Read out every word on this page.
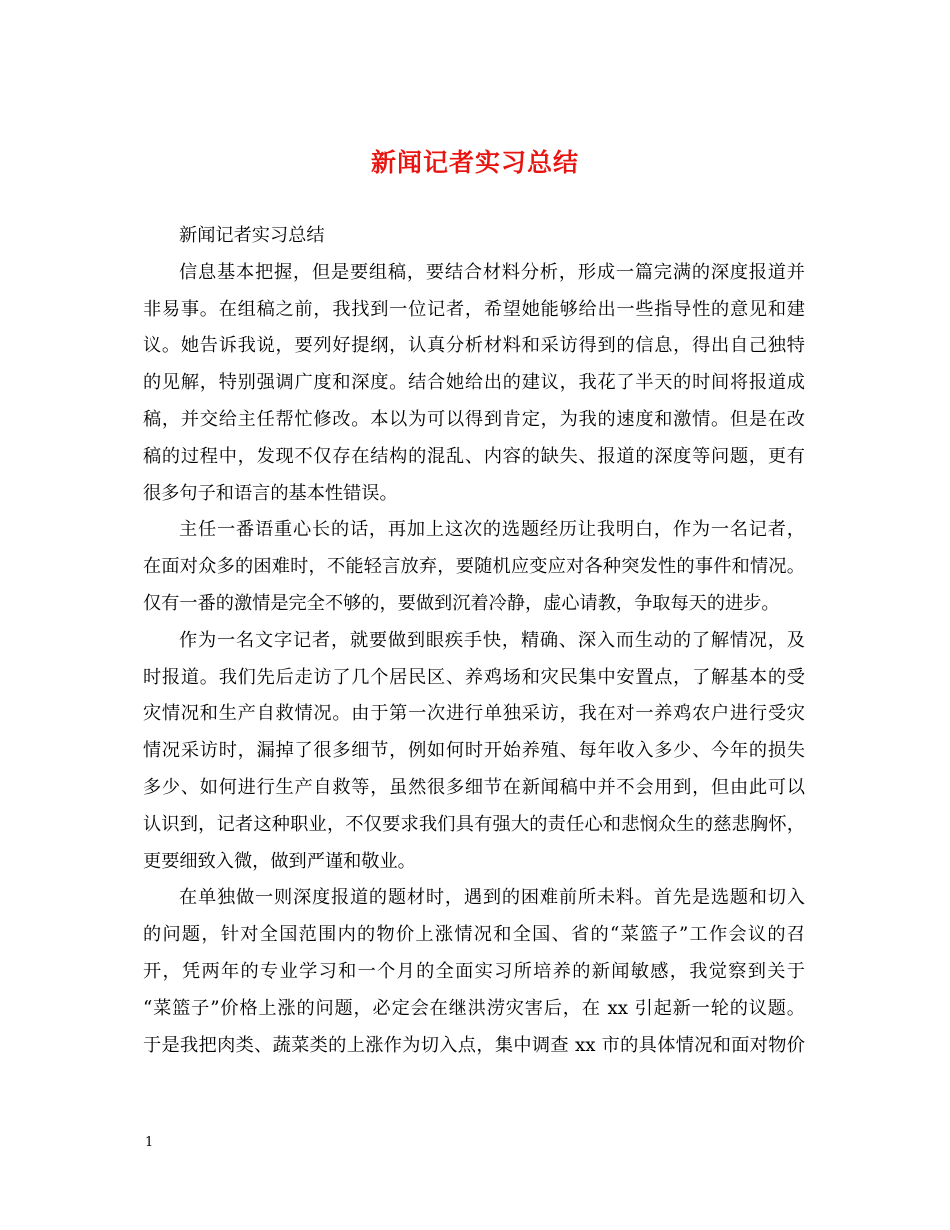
新闻记者实习总结
新闻记者实习总结

信息基本把握，但是要组稿，要结合材料分析，形成一篇完满的深度报道并
非易事。在组稿之前，我找到一位记者，希望她能够给出一些指导性的意见和建
议。她告诉我说，要列好提纲，认真分析材料和采访得到的信息，得出自己独特
的见解，特别强调广度和深度。结合她给出的建议，我花了半天的时间将报道成
稿，并交给主任帮忙修改。本以为可以得到肯定，为我的速度和激情。但是在改
稿的过程中，发现不仅存在结构的混乱、内容的缺失、报道的深度等问题，更有
很多句子和语言的基本性错误。

主任一番语重心长的话，再加上这次的选题经历让我明白，作为一名记者，
在面对众多的困难时，不能轻言放弃，要随机应变应对各种突发性的事件和情况。
仅有一番的激情是完全不够的，要做到沉着冷静，虚心请教，争取每天的进步。

作为一名文字记者，就要做到眼疾手快，精确、深入而生动的了解情况，及
时报道。我们先后走访了几个居民区、养鸡场和灾民集中安置点，了解基本的受
灾情况和生产自救情况。由于第一次进行单独采访，我在对一养鸡农户进行受灾
情况采访时，漏掉了很多细节，例如何时开始养殖、每年收入多少、今年的损失
多少、如何进行生产自救等，虽然很多细节在新闻稿中并不会用到，但由此可以
认识到，记者这种职业，不仅要求我们具有强大的责任心和悲悯众生的慈悲胸怀，
更要细致入微，做到严谨和敬业。

在单独做一则深度报道的题材时，遇到的困难前所未料。首先是选题和切入
的问题，针对全国范围内的物价上涨情况和全国、省的“菜篮子”工作会议的召
开，凭两年的专业学习和一个月的全面实习所培养的新闻敏感，我觉察到关于
“菜篮子”价格上涨的问题，必定会在继洪涝灾害后，在 xx 引起新一轮的议题。
于是我把肉类、蔬菜类的上涨作为切入点，集中调查 xx 市的具体情况和面对物价

1
